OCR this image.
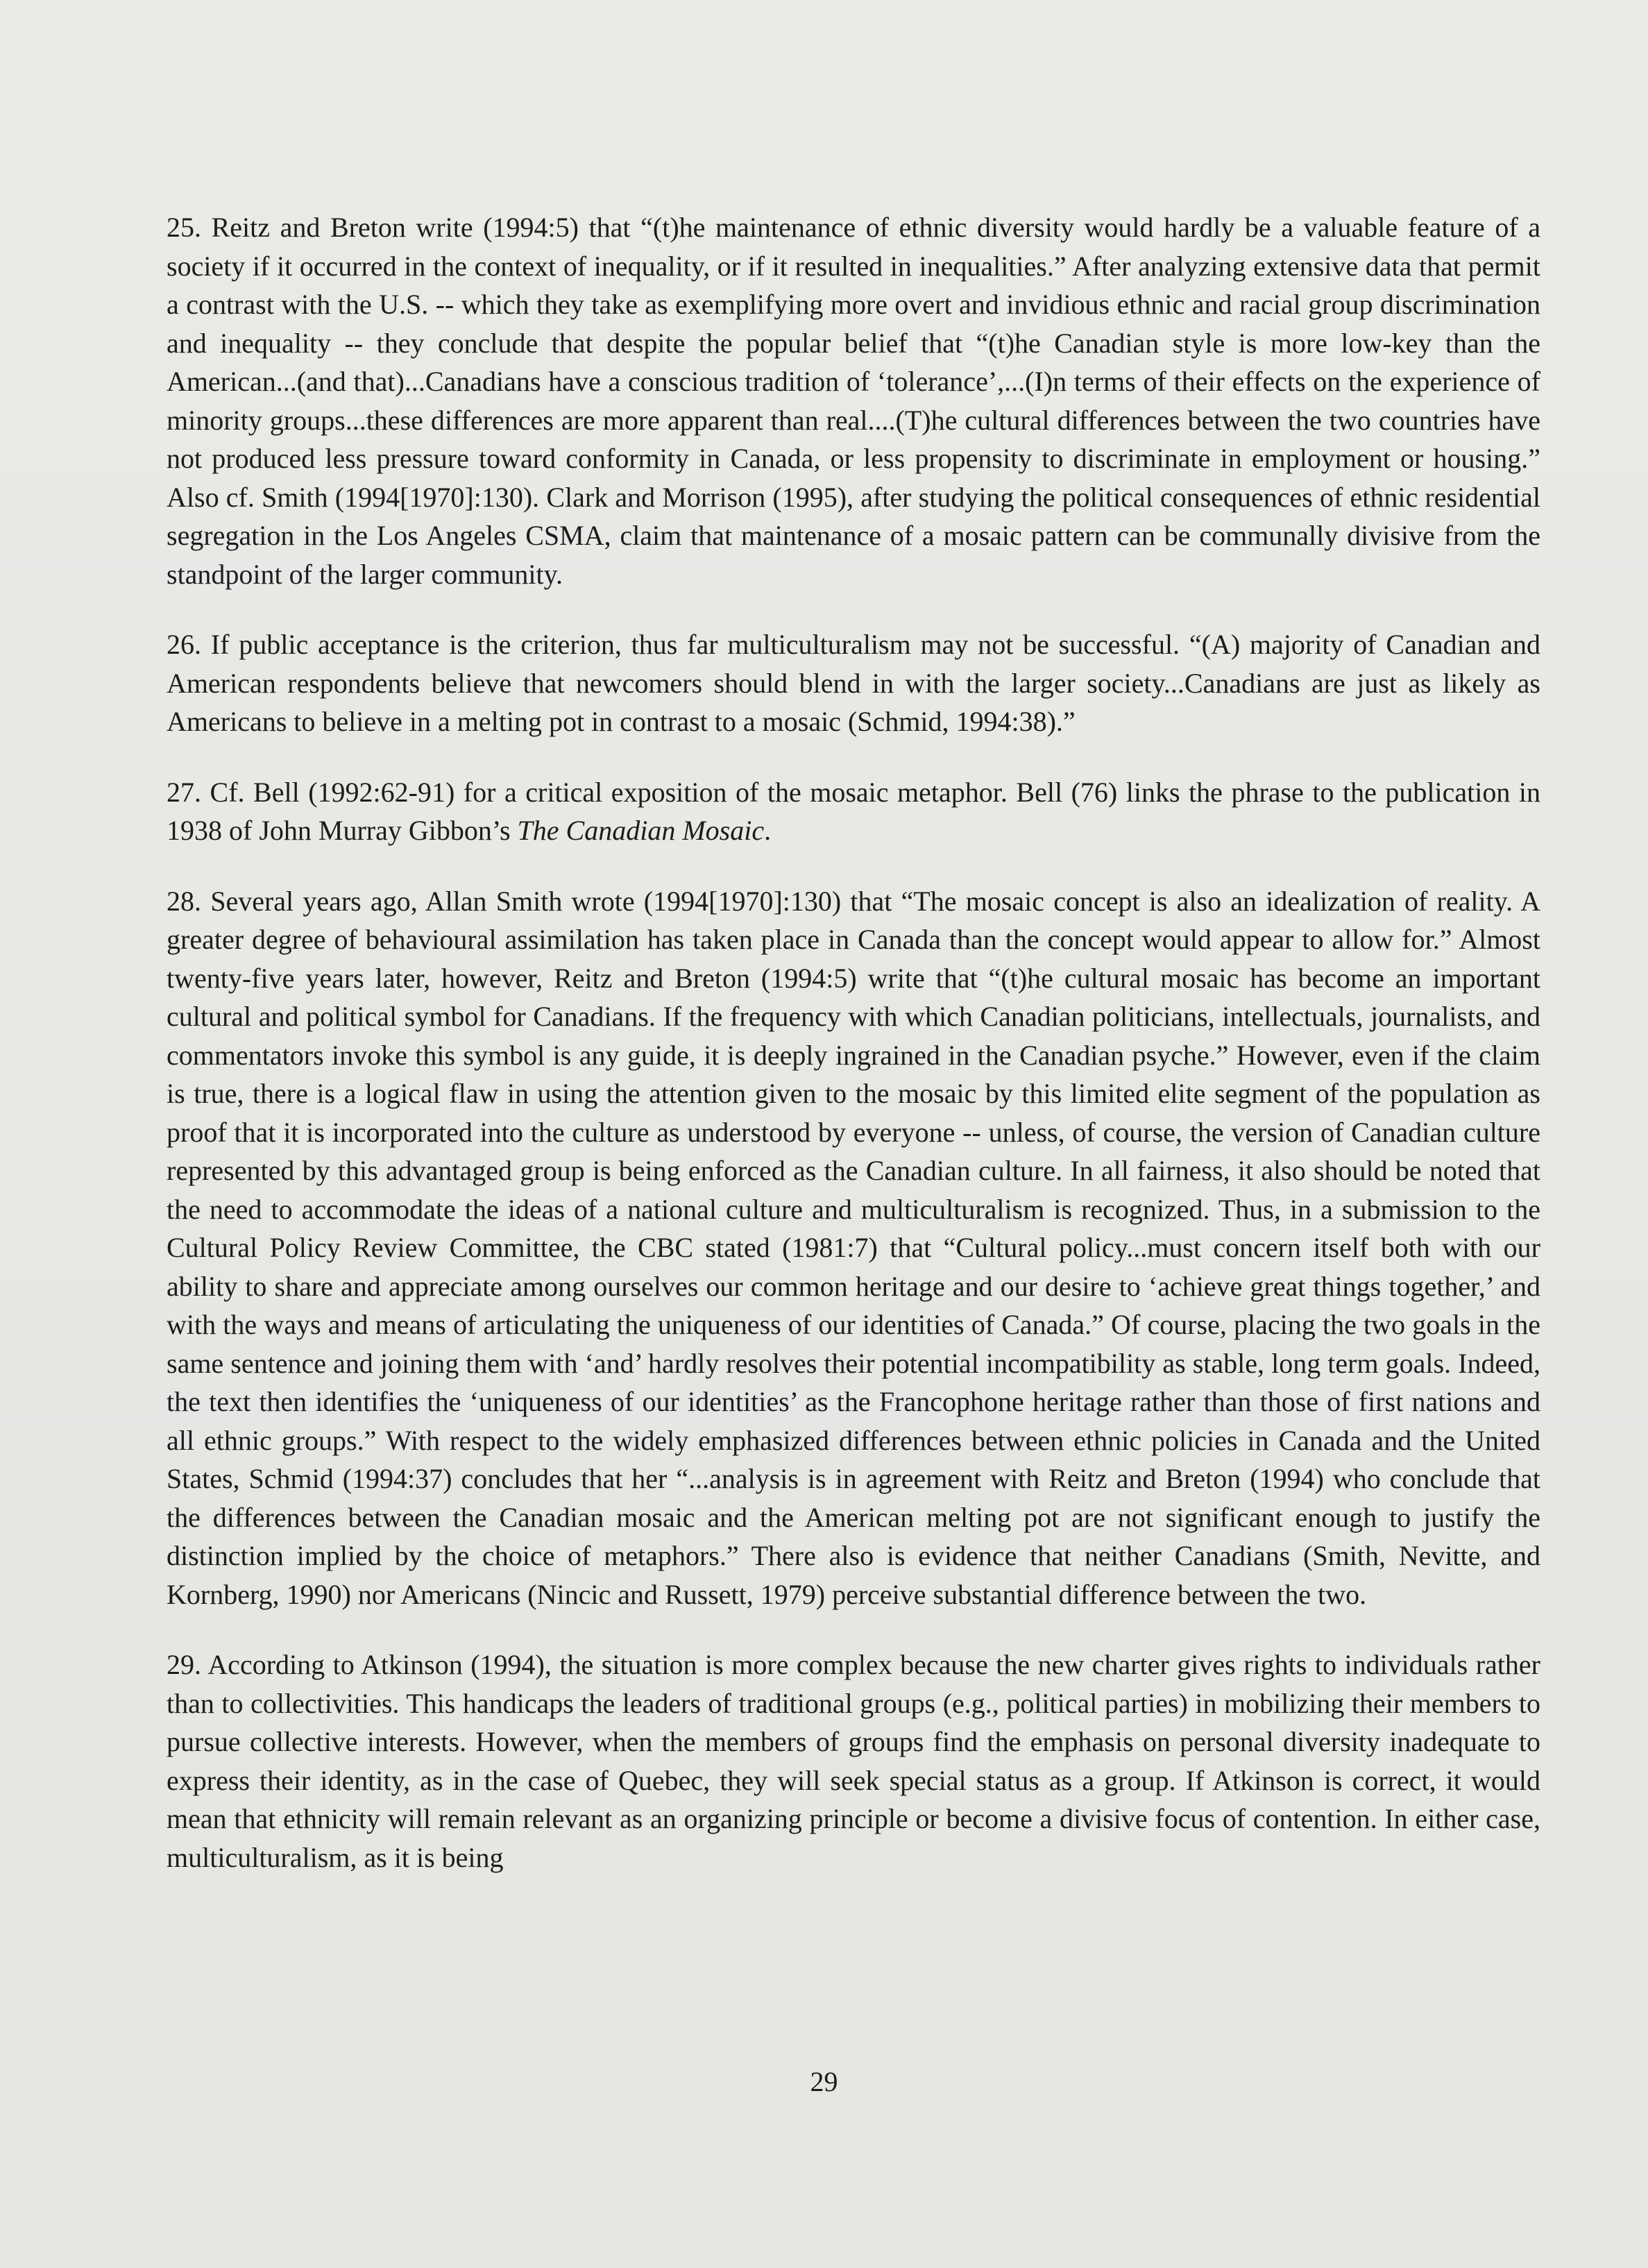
25. Reitz and Breton write (1994:5) that “(t)he maintenance of ethnic diversity would hardly be a valuable feature of a society if it occurred in the context of inequality, or if it resulted in inequalities.” After analyzing extensive data that permit a contrast with the U.S. -- which they take as exemplifying more overt and invidious ethnic and racial group discrimination and inequality -- they conclude that despite the popular belief that “(t)he Canadian style is more low-key than the American...(and that)...Canadians have a conscious tradition of ‘tolerance’,...(I)n terms of their effects on the experience of minority groups...these differences are more apparent than real....(T)he cultural differences between the two countries have not produced less pressure toward conformity in Canada, or less propensity to discriminate in employment or housing.” Also cf. Smith (1994[1970]:130). Clark and Morrison (1995), after studying the political consequences of ethnic residential segregation in the Los Angeles CSMA, claim that maintenance of a mosaic pattern can be communally divisive from the standpoint of the larger community.

26. If public acceptance is the criterion, thus far multiculturalism may not be successful. “(A) majority of Canadian and American respondents believe that newcomers should blend in with the larger society...Canadians are just as likely as Americans to believe in a melting pot in contrast to a mosaic (Schmid, 1994:38).”

27. Cf. Bell (1992:62-91) for a critical exposition of the mosaic metaphor. Bell (76) links the phrase to the publication in 1938 of John Murray Gibbon’s The Canadian Mosaic.

28. Several years ago, Allan Smith wrote (1994[1970]:130) that “The mosaic concept is also an idealization of reality. A greater degree of behavioural assimilation has taken place in Canada than the concept would appear to allow for.” Almost twenty-five years later, however, Reitz and Breton (1994:5) write that “(t)he cultural mosaic has become an important cultural and political symbol for Canadians. If the frequency with which Canadian politicians, intellectuals, journalists, and commentators invoke this symbol is any guide, it is deeply ingrained in the Canadian psyche.” However, even if the claim is true, there is a logical flaw in using the attention given to the mosaic by this limited elite segment of the population as proof that it is incorporated into the culture as understood by everyone -- unless, of course, the version of Canadian culture represented by this advantaged group is being enforced as the Canadian culture. In all fairness, it also should be noted that the need to accommodate the ideas of a national culture and multiculturalism is recognized. Thus, in a submission to the Cultural Policy Review Committee, the CBC stated (1981:7) that “Cultural policy...must concern itself both with our ability to share and appreciate among ourselves our common heritage and our desire to ‘achieve great things together,’ and with the ways and means of articulating the uniqueness of our identities of Canada.” Of course, placing the two goals in the same sentence and joining them with ‘and’ hardly resolves their potential incompatibility as stable, long term goals. Indeed, the text then identifies the ‘uniqueness of our identities’ as the Francophone heritage rather than those of first nations and all ethnic groups.” With respect to the widely emphasized differences between ethnic policies in Canada and the United States, Schmid (1994:37) concludes that her “...analysis is in agreement with Reitz and Breton (1994) who conclude that the differences between the Canadian mosaic and the American melting pot are not significant enough to justify the distinction implied by the choice of metaphors.” There also is evidence that neither Canadians (Smith, Nevitte, and Kornberg, 1990) nor Americans (Nincic and Russett, 1979) perceive substantial difference between the two.

29. According to Atkinson (1994), the situation is more complex because the new charter gives rights to individuals rather than to collectivities. This handicaps the leaders of traditional groups (e.g., political parties) in mobilizing their members to pursue collective interests. However, when the members of groups find the emphasis on personal diversity inadequate to express their identity, as in the case of Quebec, they will seek special status as a group. If Atkinson is correct, it would mean that ethnicity will remain relevant as an organizing principle or become a divisive focus of contention. In either case, multiculturalism, as it is being

29
